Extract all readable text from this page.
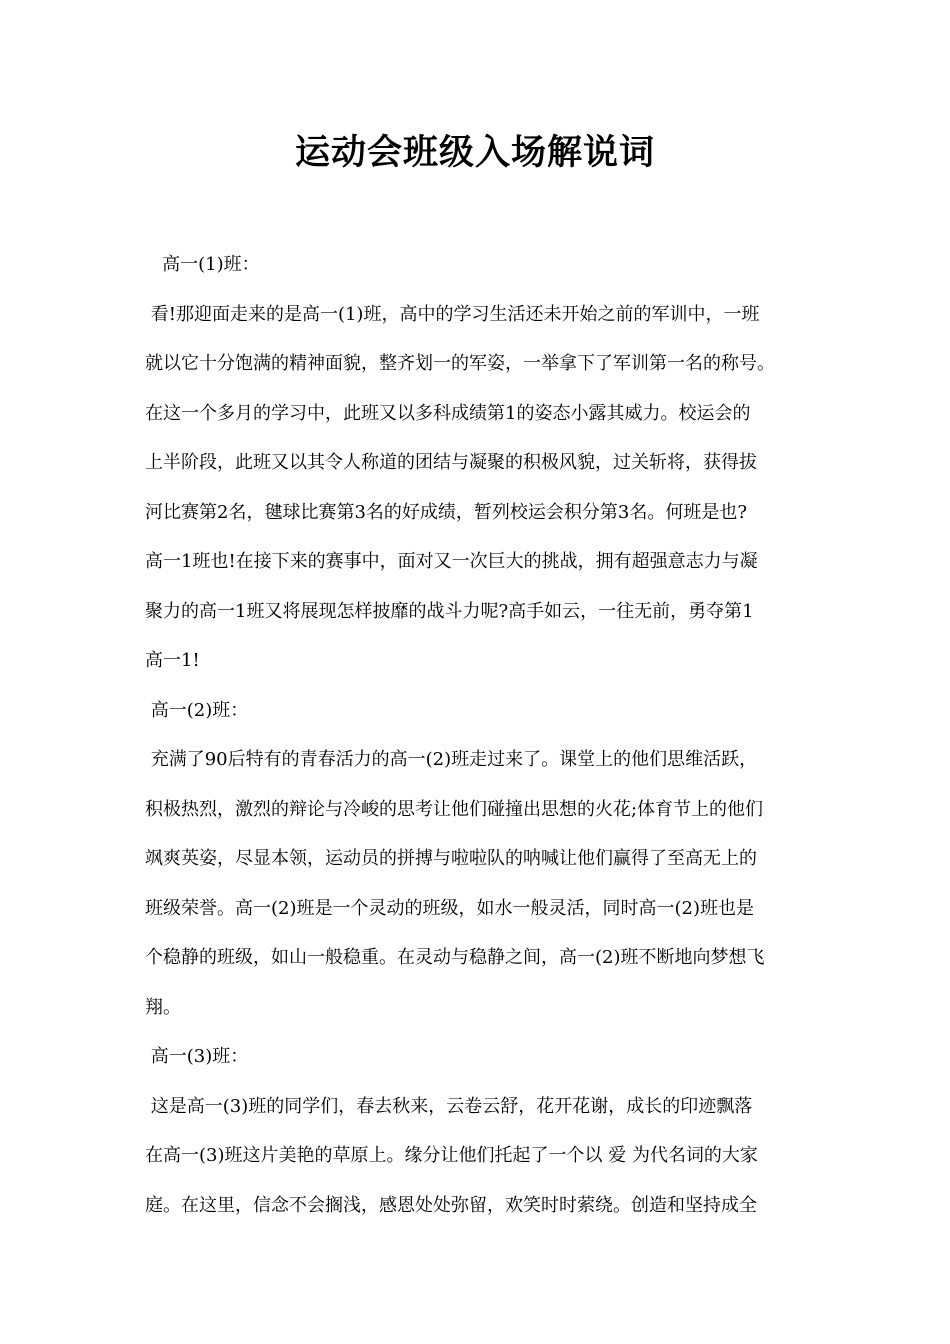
运动会班级入场解说词

高一(1)班：

看!那迎面走来的是高一(1)班，高中的学习生活还未开始之前的军训中，一班

就以它十分饱满的精神面貌，整齐划一的军姿，一举拿下了军训第一名的称号。

在这一个多月的学习中，此班又以多科成绩第1的姿态小露其威力。校运会的

上半阶段，此班又以其令人称道的团结与凝聚的积极风貌，过关斩将，获得拔

河比赛第2名，毽球比赛第3名的好成绩，暂列校运会积分第3名。何班是也?

高一1班也!在接下来的赛事中，面对又一次巨大的挑战，拥有超强意志力与凝

聚力的高一1班又将展现怎样披靡的战斗力呢?高手如云，一往无前，勇夺第1

高一1!

高一(2)班：

充满了90后特有的青春活力的高一(2)班走过来了。课堂上的他们思维活跃，

积极热烈，激烈的辩论与冷峻的思考让他们碰撞出思想的火花;体育节上的他们

飒爽英姿，尽显本领，运动员的拼搏与啦啦队的呐喊让他们赢得了至高无上的

班级荣誉。高一(2)班是一个灵动的班级，如水一般灵活，同时高一(2)班也是

个稳静的班级，如山一般稳重。在灵动与稳静之间，高一(2)班不断地向梦想飞

翔。

高一(3)班：

这是高一(3)班的同学们，春去秋来，云卷云舒，花开花谢，成长的印迹飘落

在高一(3)班这片美艳的草原上。缘分让他们托起了一个以 爱 为代名词的大家

庭。在这里，信念不会搁浅，感恩处处弥留，欢笑时时萦绕。创造和坚持成全
